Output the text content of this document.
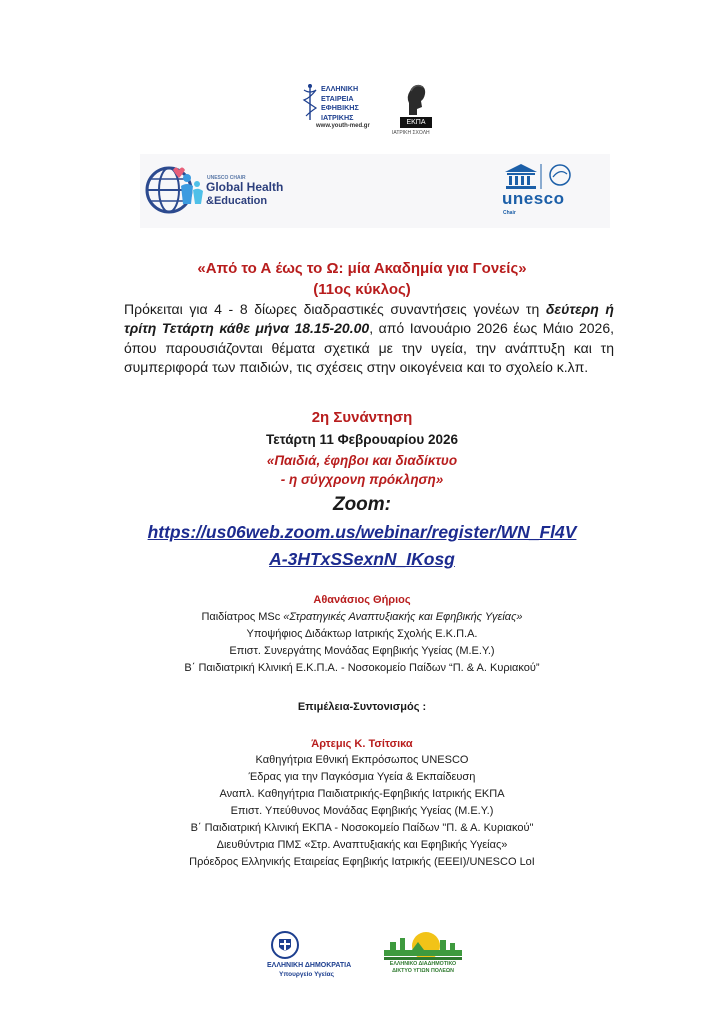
ΕΛΛΗΝΙΚΗ
ΕΤΑΙΡΕΙΑ
ΕΦΗΒΙΚΗΣ
ΙΑΤΡΙΚΗΣ
www.youth-med.gr	ΕΚΠΑ
ΙΑΤΡΙΚΗ ΣΧΟΛΗ
UNESCO CHAIR
Global Health
&Education	unesco
Chair
«Από το Α έως το Ω: μία Ακαδημία για Γονείς»
(11ος κύκλος)
Πρόκειται για 4 - 8 δίωρες διαδραστικές συναντήσεις γονέων τη δεύτερη ή τρίτη Τετάρτη κάθε μήνα 18.15-20.00, από Ιανουάριο 2026 έως Μάιο 2026, όπου παρουσιάζονται θέματα σχετικά με την υγεία, την ανάπτυξη και τη συμπεριφορά των παιδιών, τις σχέσεις στην οικογένεια και το σχολείο κ.λπ.
2η Συνάντηση
Τετάρτη 11 Φεβρουαρίου 2026
«Παιδιά, έφηβοι και διαδίκτυο
- η σύγχρονη πρόκληση»
Zoom:
https://us06web.zoom.us/webinar/register/WN_Fl4V
A-3HTxSSexnN_IKosg
Αθανάσιος Θήριος
Παιδίατρος MSc «Στρατηγικές Αναπτυξιακής και Εφηβικής Υγείας»
Υποψήφιος Διδάκτωρ Ιατρικής Σχολής Ε.Κ.Π.Α.
Επιστ. Συνεργάτης Μονάδας Εφηβικής Υγείας (Μ.Ε.Υ.)
Β΄ Παιδιατρική Κλινική Ε.Κ.Π.Α. - Νοσοκομείο Παίδων “Π. & Α. Κυριακού”
Επιμέλεια-Συντονισμός :
Άρτεμις Κ. Τσίτσικα
Καθηγήτρια Εθνική Εκπρόσωπος UNESCO
Έδρας για την Παγκόσμια Υγεία & Εκπαίδευση
Αναπλ. Καθηγήτρια Παιδιατρικής-Εφηβικής Ιατρικής ΕΚΠΑ
Επιστ. Υπεύθυνος Μονάδας Εφηβικής Υγείας (Μ.Ε.Υ.)
Β΄ Παιδιατρική Κλινική ΕΚΠΑ - Νοσοκομείο Παίδων "Π. & Α. Κυριακού"
Διευθύντρια ΠΜΣ «Στρ. Αναπτυξιακής και Εφηβικής Υγείας»
Πρόεδρος Ελληνικής Εταιρείας Εφηβικής Ιατρικής (ΕΕΕΙ)/UNESCO LoI
ΕΛΛΗΝΙΚΗ ΔΗΜΟΚΡΑΤΙΑ
Υπουργείο Υγείας
ΕΛΛΗΝΙΚΟ ΔΙΑΔΗΜΟΤΙΚΟ
ΔΙΚΤΥΟ ΥΓΙΩΝ ΠΟΛΕΩΝ
